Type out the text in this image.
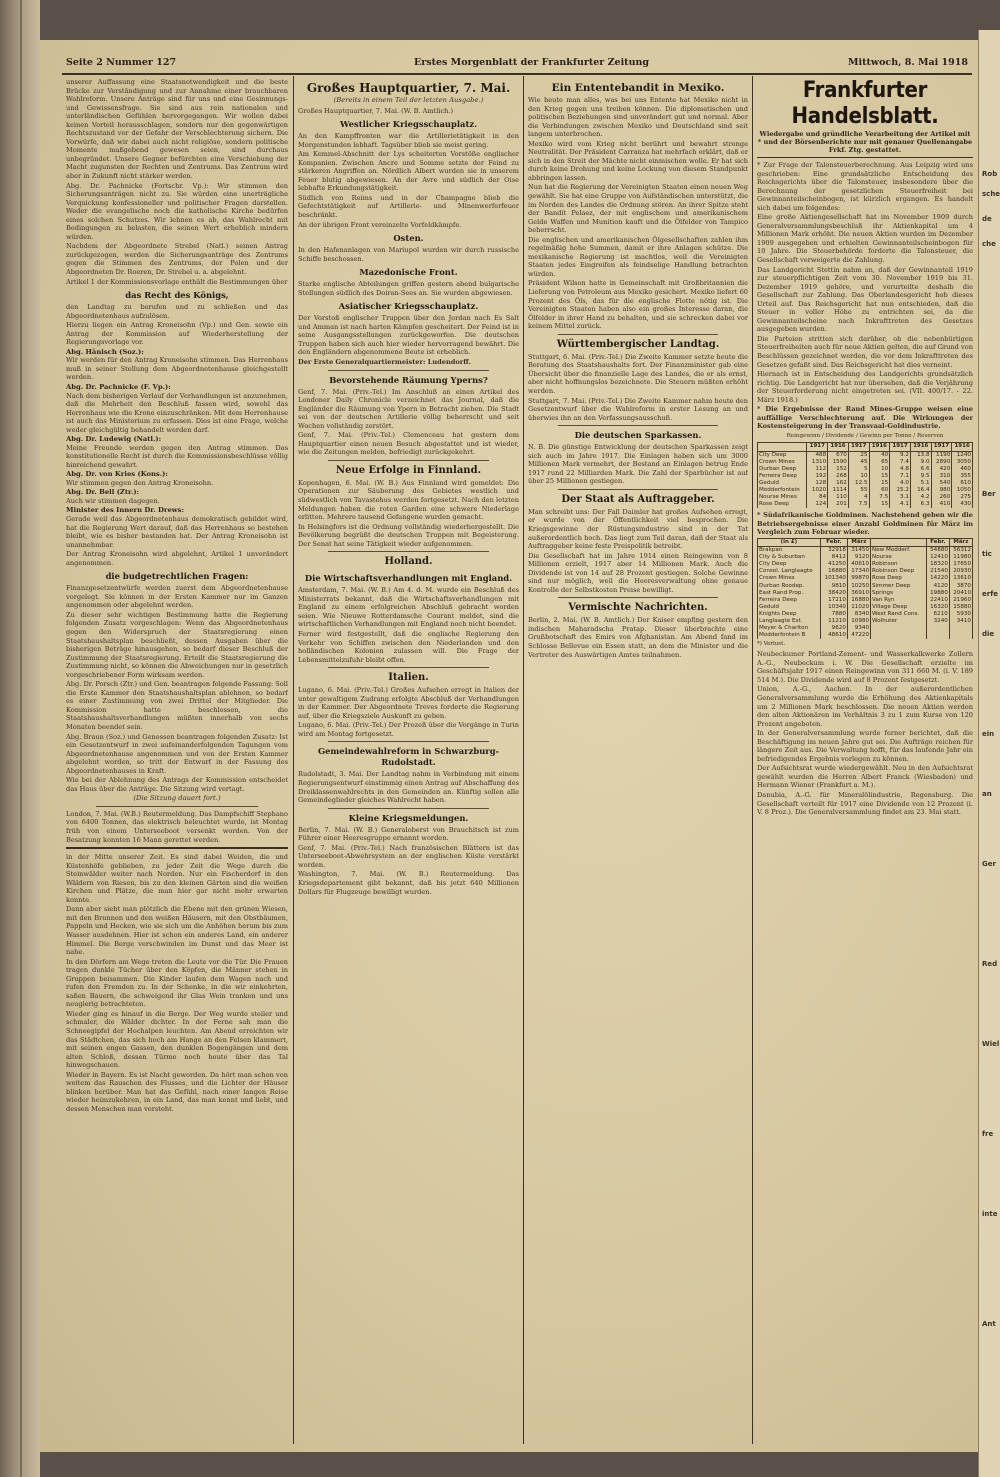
Rob
sche
de
che
Ber
tic
erfe
die
ein
an
Ger
Red
Wiel
fre
inte
Ant
Seite 2 Nummer 127	Erstes Morgenblatt der Frankfurter Zeitung	Mittwoch, 8. Mai 1918

unserer Auffassung eine Staatsnotwendigkeit und die beste Brücke zur Verständigung und zur Annahme einer brauchbaren Wahlreform. Unsere Anträge sind für uns und eine Gesinnungs- und Gewissensfrage. Sie sind aus rein nationalen und unterländischen Gefühlen hervorgegangen. Wir wollen dabei keinen Vorteil herausschlagen, sondern nur den gegenwärtigen Rechtszustand vor der Gefahr der Verschlechterung sichern. Die Vorwürfe, daß wir dabei auch nicht religiöse, sondern politische Momente maßgebend gewesen seien, sind durchaus unbegründet. Unsere Gegner befürchten eine Verschiebung der Macht zugunsten der Rechten und Zentrums. Das Zentrum wird aber in Zukunft nicht stärker werden.

Abg. Dr. Pachnicke (Fortschr. Vp.): Wir stimmen den Sicherungsanträgen nicht zu. Sie würden eine unerträgliche Verquickung konfessioneller und politischer Fragen darstellen. Weder die evangelische noch die katholische Kirche bedürfen eines solchen Schutzes. Wir lehnen es ab, das Wahlrecht mit Bedingungen zu belasten, die seinen Wert erheblich mindern würden.

Nachdem der Abgeordnete Strebel (Natl.) seinen Antrag zurückgezogen, werden die Sicherungsanträge des Zentrums gegen die Stimmen des Zentrums, der Polen und der Abgeordneten Dr. Roeren, Dr. Strebel u. a. abgelehnt.

Artikel 1 der Kommissionsvorlage enthält die Bestimmungen über

das Recht des Königs,

den Landtag zu berufen und zu schließen und das Abgeordnetenhaus aufzulösen.

Hierzu liegen ein Antrag Kroneisohn (Vp.) und Gen. sowie ein Antrag der Kommission auf Wiederherstellung der Regierungsvorlage vor.

Abg. Hänisch (Soz.):

Wir werden für den Antrag Kroneisohn stimmen. Das Herrenhaus muß in seiner Stellung dem Abgeordnetenhause gleichgestellt werden.

Abg. Dr. Pachnicke (F. Vp.):

Nach dem bisherigen Verlauf der Verhandlungen ist anzunehmen, daß die Mehrheit den Beschluß fassen wird, sowohl das Herrenhaus wie die Krone einzuschränken. Mit dem Herrenhause ist auch das Ministerium zu erfassen. Dies ist eine Frage, welche weder gleichgültig behandelt werden darf.

Abg. Dr. Ludewig (Natl.):

Meine Freunde werden gegen den Antrag stimmen. Das konstitutionelle Recht ist durch die Kommissionsbeschlüsse völlig hinreichend gewahrt.

Abg. Dr. von Kries (Kons.):

Wir stimmen gegen den Antrag Kroneisohn.

Abg. Dr. Bell (Ztr.):

Auch wir stimmen dagegen.

Minister des Innern Dr. Drews:

Gerade weil das Abgeordnetenhaus demokratisch gebildet wird, hat die Regierung Wert darauf, daß das Herrenhaus so bestehen bleibt, wie es bisher bestanden hat. Der Antrag Kroneisohn ist unannehmbar.

Der Antrag Kroneisohn wird abgelehnt, Artikel 1 unverändert angenommen.

die budgetrechtlichen Fragen:

Finanzgesetzentwürfe werden zuerst dem Abgeordnetenhause vorgelegt. Sie können in der Ersten Kammer nur im Ganzen angenommen oder abgelehnt werden.

Zu dieser sehr wichtigen Bestimmung hatte die Regierung folgenden Zusatz vorgeschlagen: Wenn das Abgeordnetenhaus gegen den Widerspruch der Staatsregierung einen Staatshaushaltsplan beschließt, dessen Ausgaben über die bisherigen Beträge hinausgehen, so bedarf dieser Beschluß der Zustimmung der Staatsregierung. Erteilt die Staatsregierung die Zustimmung nicht, so können die Abweichungen nur in gesetzlich vorgeschriebener Form wirksam werden.

Abg. Dr. Porsch (Ztr.) und Gen. beantragen folgende Fassung: Soll die Erste Kammer den Staatshaushaltsplan ablehnen, so bedarf es einer Zustimmung von zwei Drittel der Mitglieder. Die Kommission hatte beschlossen, die Staatshaushaltsverhandlungen müßten innerhalb von sechs Monaten beendet sein.

Abg. Braun (Soz.) und Genossen beantragen folgenden Zusatz: Ist ein Gesetzentwurf in zwei aufeinanderfolgenden Tagungen vom Abgeordnetenhause angenommen und von der Ersten Kammer abgelehnt worden, so tritt der Entwurf in der Fassung des Abgeordnetenhauses in Kraft.

Wie bei der Ablehnung des Antrags der Kommission entscheidet das Haus über die Anträge. Die Sitzung wird vertagt.

(Die Sitzung dauert fort.)

London, 7. Mai. (W.B.) Reutermeldung. Das Dampfschiff Stephano von 6400 Tonnen, das elektrisch beleuchtet wurde, ist Montag früh von einem Unterseeboot versenkt worden. Von der Besatzung konnten 16 Mann gerettet werden.

in der Mitte unserer Zeit. Es sind dabei Weiden, die und Küstenhöfe geblieben, zu jeder Zeit die Wege durch die Steinwälder weiter nach Norden. Nur ein Fischerdorf in den Wäldern von Riesen, bis zu den kleinen Gärten sind die weißen Kirchen und Plätze, die man hier gar nicht mehr erwarten konnte.

Dann aber sieht man plötzlich die Ebene mit den grünen Wiesen, mit den Brunnen und den weißen Häusern, mit den Obstbäumen, Pappeln und Hecken, wie sie sich um die Anhöhen herum bis zum Wasser ausdehnen. Hier ist schon ein anderes Land, ein anderer Himmel. Die Berge verschwinden im Dunst und das Meer ist nahe.

In den Dörfern am Wege treten die Leute vor die Tür. Die Frauen tragen dunkle Tücher über den Köpfen, die Männer stehen in Gruppen beisammen. Die Kinder laufen dem Wagen nach und rufen den Fremden zu. In der Schenke, in die wir einkehrten, saßen Bauern, die schweigend ihr Glas Wein tranken und uns neugierig betrachteten.

Wieder ging es hinauf in die Berge. Der Weg wurde steiler und schmaler, die Wälder dichter. In der Ferne sah man die Schneegipfel der Hochalpen leuchten. Am Abend erreichten wir das Städtchen, das sich hoch am Hange an den Felsen klammert, mit seinen engen Gassen, den dunklen Bogengängen und dem alten Schloß, dessen Türme noch heute über das Tal hinwegschauen.

Wieder in Bayern. Es ist Nacht geworden. Da hört man schon von weitem das Rauschen des Flusses, und die Lichter der Häuser blinken herüber. Man hat das Gefühl, nach einer langen Reise wieder heimzukehren, in ein Land, das man kennt und liebt, und dessen Menschen man versteht.

Großes Hauptquartier, 7. Mai.
(Bereits in einem Teil der letzten Ausgabe.)

Großes Hauptquartier, 7. Mai. (W. B. Amtlich.)

Westlicher Kriegsschauplatz.

An den Kampffronten war die Artillerietätigkeit in den Morgenstunden lebhaft. Tagsüber blieb sie meist gering.

Am Kemmel-Abschnitt der Lys scheiterten Vorstöße englischer Kompanien. Zwischen Ancre und Somme setzte der Feind zu stärkeren Angriffen an. Nördlich Albert wurden sie in unserem Feuer blutig abgewiesen. An der Avre und südlich der Oise lebhafte Erkundungstätigkeit.

Südlich von Reims und in der Champagne blieb die Gefechtstätigkeit auf Artillerie- und Minenwerferfeuer beschränkt.

An der übrigen Front vereinzelte Vorfeldkämpfe.

Osten.

In den Hafenanlagen von Mariupol wurden wir durch russische Schiffe beschossen.

Mazedonische Front.

Starke englische Abteilungen griffen gestern abend bulgarische Stellungen südlich des Doiran-Sees an. Sie wurden abgewiesen.

Asiatischer Kriegsschauplatz.

Der Vorstoß englischer Truppen über den Jordan nach Es Salt und Amman ist nach harten Kämpfen gescheitert. Der Feind ist in seine Ausgangsstellungen zurückgeworfen. Die deutschen Truppen haben sich auch hier wieder hervorragend bewährt. Die den Engländern abgenommene Beute ist erheblich.

Der Erste Generalquartiermeister: Ludendorff.

Bevorstehende Räumung Yperns?

Genf, 7. Mai. (Priv.-Tel.) Im Anschluß an einen Artikel des Londoner Daily Chronicle verzeichnet das Journal, daß die Engländer die Räumung von Ypern in Betracht ziehen. Die Stadt sei von der deutschen Artillerie völlig beherrscht und seit Wochen vollständig zerstört.

Genf, 7. Mai. (Priv.-Tel.) Clemenceau hat gestern dem Hauptquartier einen neuen Besuch abgestattet und ist wieder, wie die Zeitungen melden, befriedigt zurückgekehrt.

Neue Erfolge in Finnland.

Kopenhagen, 6. Mai. (W. B.) Aus Finnland wird gemeldet: Die Operationen zur Säuberung des Gebietes westlich und südwestlich von Tavastehus werden fortgesetzt. Nach den letzten Meldungen haben die roten Garden eine schwere Niederlage erlitten. Mehrere tausend Gefangene wurden gemacht.

In Helsingfors ist die Ordnung vollständig wiederhergestellt. Die Bevölkerung begrüßt die deutschen Truppen mit Begeisterung. Der Senat hat seine Tätigkeit wieder aufgenommen.

Holland.
Die Wirtschaftsverhandlungen mit England.

Amsterdam, 7. Mai. (W. B.) Am 4. d. M. wurde ein Beschluß des Ministerrats bekannt, daß die Wirtschaftsverhandlungen mit England zu einem erfolgreichen Abschluß gebracht worden seien. Wie Nieuwe Rotterdamsche Courant meldet, sind die wirtschaftlichen Verhandlungen mit England noch nicht beendet.

Ferner wird festgestellt, daß die englische Regierung den Verkehr von Schiffen zwischen den Niederlanden und den holländischen Kolonien zulassen will. Die Frage der Lebensmittelzufuhr bleibt offen.

Italien.

Lugano, 6. Mai. (Priv.-Tel.) Großes Aufsehen erregt in Italien der unter gewaltigem Zudrang erfolgte Abschluß der Verhandlungen in der Kammer. Der Abgeordnete Treves forderte die Regierung auf, über die Kriegsziele Auskunft zu geben.

Lugano, 6. Mai. (Priv.-Tel.) Der Prozeß über die Vorgänge in Turin wird am Montag fortgesetzt.

Gemeindewahlreform in Schwarzburg-Rudolstadt.

Rudolstadt, 3. Mai. Der Landtag nahm in Verbindung mit einem Regierungsentwurf einstimmig einen Antrag auf Abschaffung des Dreiklassenwahlrechts in den Gemeinden an. Künftig sollen alle Gemeindeglieder gleiches Wahlrecht haben.

Kleine Kriegsmeldungen.

Berlin, 7. Mai. (W. B.) Generaloberst von Brauchitsch ist zum Führer einer Heeresgruppe ernannt worden.

Genf, 7. Mai. (Priv.-Tel.) Nach französischen Blättern ist das Unterseeboot-Abwehrsystem an der englischen Küste verstärkt worden.

Washington, 7. Mai. (W. B.) Reutermeldung. Das Kriegsdepartement gibt bekannt, daß bis jetzt 640 Millionen Dollars für Flugzeuge bewilligt wurden.

Ein Ententebandit in Mexiko.

Wie heute man alles, was bei uns Entente hat Mexiko nicht in den Krieg gegen uns treiben können. Die diplomatischen und politischen Beziehungen sind unverändert gut und normal. Aber die Verbindungen zwischen Mexiko und Deutschland sind seit langem unterbrochen.

Mexiko wird vom Krieg nicht berührt und bewahrt strenge Neutralität. Der Präsident Carranza hat mehrfach erklärt, daß er sich in den Streit der Mächte nicht einmischen wolle. Er hat sich durch keine Drohung und keine Lockung von diesem Standpunkt abbringen lassen.

Nun hat die Regierung der Vereinigten Staaten einen neuen Weg gewählt. Sie hat eine Gruppe von Aufständischen unterstützt, die im Norden des Landes die Ordnung stören. An ihrer Spitze steht der Bandit Pelaez, der mit englischem und amerikanischem Gelde Waffen und Munition kauft und die Ölfelder von Tampico beherrscht.

Die englischen und amerikanischen Ölgesellschaften zahlen ihm regelmäßig hohe Summen, damit er ihre Anlagen schütze. Die mexikanische Regierung ist machtlos, weil die Vereinigten Staaten jedes Eingreifen als feindselige Handlung betrachten würden.

Präsident Wilson hatte in Gemeinschaft mit Großbritannien die Lieferung von Petroleum aus Mexiko gesichert. Mexiko liefert 60 Prozent des Öls, das für die englische Flotte nötig ist. Die Vereinigten Staaten haben also ein großes Interesse daran, die Ölfelder in ihrer Hand zu behalten, und sie schrecken dabei vor keinem Mittel zurück.

Württembergischer Landtag.

Stuttgart, 6. Mai. (Priv.-Tel.) Die Zweite Kammer setzte heute die Beratung des Staatshaushalts fort. Der Finanzminister gab eine Übersicht über die finanzielle Lage des Landes, die er als ernst, aber nicht hoffnungslos bezeichnete. Die Steuern müßten erhöht werden.

Stuttgart, 7. Mai. (Priv.-Tel.) Die Zweite Kammer nahm heute den Gesetzentwurf über die Wahlreform in erster Lesung an und überwies ihn an den Verfassungsausschuß.

Die deutschen Sparkassen.

N. B. Die günstige Entwicklung der deutschen Sparkassen zeigt sich auch im Jahre 1917. Die Einlagen haben sich um 3000 Millionen Mark vermehrt, der Bestand an Einlagen betrug Ende 1917 rund 22 Milliarden Mark. Die Zahl der Sparbücher ist auf über 25 Millionen gestiegen.

Der Staat als Auftraggeber.

Man schreibt uns: Der Fall Daimler hat großes Aufsehen erregt, er wurde von der Öffentlichkeit viel besprochen. Die Kriegsgewinne der Rüstungsindustrie sind in der Tat außerordentlich hoch. Das liegt zum Teil daran, daß der Staat als Auftraggeber keine feste Preispolitik betreibt.

Die Gesellschaft hat im Jahre 1914 einen Reingewinn von 8 Millionen erzielt, 1917 aber 14 Millionen Mark. Auch die Dividende ist von 14 auf 28 Prozent gestiegen. Solche Gewinne sind nur möglich, weil die Heeresverwaltung ohne genaue Kontrolle der Selbstkosten Preise bewilligt.

Vermischte Nachrichten.

Berlin, 2. Mai. (W. B. Amtlich.) Der Kaiser empfing gestern den indischen Maharadscha Pratap. Dieser überbrachte eine Grußbotschaft des Emirs von Afghanistan. Am Abend fand im Schlosse Bellevue ein Essen statt, an dem die Minister und die Vertreter des Auswärtigen Amtes teilnahmen.

Frankfurter Handelsblatt.
Wiedergabe und gründliche Verarbeitung der Artikel mit * und der Börsenberichte nur mit genauer Quellenangabe Frkf. Ztg. gestattet.

* Zur Frage der Talonsteuerberechnung. Aus Leipzig wird uns geschrieben: Eine grundsätzliche Entscheidung des Reichsgerichts über die Talonsteuer, insbesondere über die Berechnung der gesetzlichen Steuerfreiheit bei Gewinnanteilscheinbogen, ist kürzlich ergangen. Es handelt sich dabei um folgendes:

Eine große Aktiengesellschaft hat im November 1909 durch Generalversammlungsbeschluß ihr Aktienkapital um 4 Millionen Mark erhöht. Die neuen Aktien wurden im Dezember 1909 ausgegeben und erhielten Gewinnanteilscheinbogen für 10 Jahre. Die Steuerbehörde forderte die Talonsteuer, die Gesellschaft verweigerte die Zahlung.

Das Landgericht Stettin nahm an, daß der Gewinnanteil 1919 zur steuerpflichtigen Zeit vom 30. November 1919 bis 31. Dezember 1919 gehöre, und verurteilte deshalb die Gesellschaft zur Zahlung. Das Oberlandesgericht hob dieses Urteil auf. Das Reichsgericht hat nun entschieden, daß die Steuer in voller Höhe zu entrichten sei, da die Gewinnanteilscheine nach Inkrafttreten des Gesetzes ausgegeben wurden.

Die Parteien stritten sich darüber, ob die nebenbürtigen Steuerfreiheiten auch für neue Aktien gelten, die auf Grund von Beschlüssen gezeichnet werden, die vor dem Inkrafttreten des Gesetzes gefaßt sind. Das Reichsgericht hat dies verneint.

Hiernach ist in Entscheidung des Landgerichts grundsätzlich richtig. Die Landgericht hat nur übersehen, daß die Verjährung der Steuerforderung nicht eingetreten sei. (VII. 400/17. - 22. März 1918.)

* Die Ergebnisse der Rand Mines-Gruppe weisen eine auffällige Verschlechterung auf. Die Wirkungen der Kostensteigerung in der Transvaal-Goldindustrie.

Reingewinn / Dividende / Gewinn per Tonne / Reserven
	1917	1916	1917	1916	1917	1916	1917	1916
City Deep	488	670	25	40	9.2	13.8	1190	1240
Crown Mines	1310	1590	45	65	7.4	9.0	2890	3050
Durban Deep	112	152	5	10	4.8	6.6	420	460
Ferreira Deep	192	268	10	15	7.1	9.5	310	355
Geduld	128	162	12.5	15	4.0	5.1	540	610
Modderfontein	1020	1114	55	60	15.2	16.4	980	1050
Nourse Mines	84	110	4	7.5	3.1	4.2	260	275
Rose Deep	124	201	7.5	15	4.1	6.3	410	430

* Südafrikanische Goldminen. Nachstehend geben wir die Betriebsergebnisse einer Anzahl Goldminen für März im Vergleich zum Februar wieder.

(in £)	Febr.	März		Febr.	März
Brakpan	32918	31450	New Modderf.	54880	56312
City & Suburban	8412	9120	Nourse	12410	11980
City Deep	41250	40610	Robinson	18320	17650
Consol. Langlaagte	16880	17340	Robinson Deep	21540	20930
Crown Mines	101340	99870	Rose Deep	14220	13610
Durban Roodep.	9810	10250	Simmer Deep	4120	3870
East Rand Prop.	38420	36910	Springs	19880	20410
Ferreira Deep	17210	16880	Van Ryn	22410	21960
Geduld	10340	11020	Village Deep	16320	15880
Knights Deep	7880	8340	West Rand Cons.	6210	5930
Langlaagte Est.	11210	10980	Wolhuter	3240	3410
Meyer & Charlton	9620	9340			
Modderfontein B	48610	47220			
*) Verlust.

Neubeckumer Portland-Zement- und Wasserkalkwerke Zollern A.-G., Neubeckum i. W. Die Gesellschaft erzielte im Geschäftsjahr 1917 einen Reingewinn von 311 660 M. (i. V. 189 514 M.). Die Dividende wird auf 8 Prozent festgesetzt.

Union, A.-G., Aachen. In der außerordentlichen Generalversammlung wurde die Erhöhung des Aktienkapitals um 2 Millionen Mark beschlossen. Die neuen Aktien werden den alten Aktionären im Verhältnis 3 zu 1 zum Kurse von 120 Prozent angeboten.

In der Generalversammlung wurde ferner berichtet, daß die Beschäftigung im neuen Jahre gut sei. Die Aufträge reichen für längere Zeit aus. Die Verwaltung hofft, für das laufende Jahr ein befriedigendes Ergebnis vorlegen zu können.

Der Aufsichtsrat wurde wiedergewählt. Neu in den Aufsichtsrat gewählt wurden die Herren Albert Franck (Wiesbaden) und Hermann Wiener (Frankfurt a. M.).

Danubia, A.-G. für Mineralölindustrie, Regensburg. Die Gesellschaft verteilt für 1917 eine Dividende von 12 Prozent (i. V. 8 Proz.). Die Generalversammlung findet am 23. Mai statt.
